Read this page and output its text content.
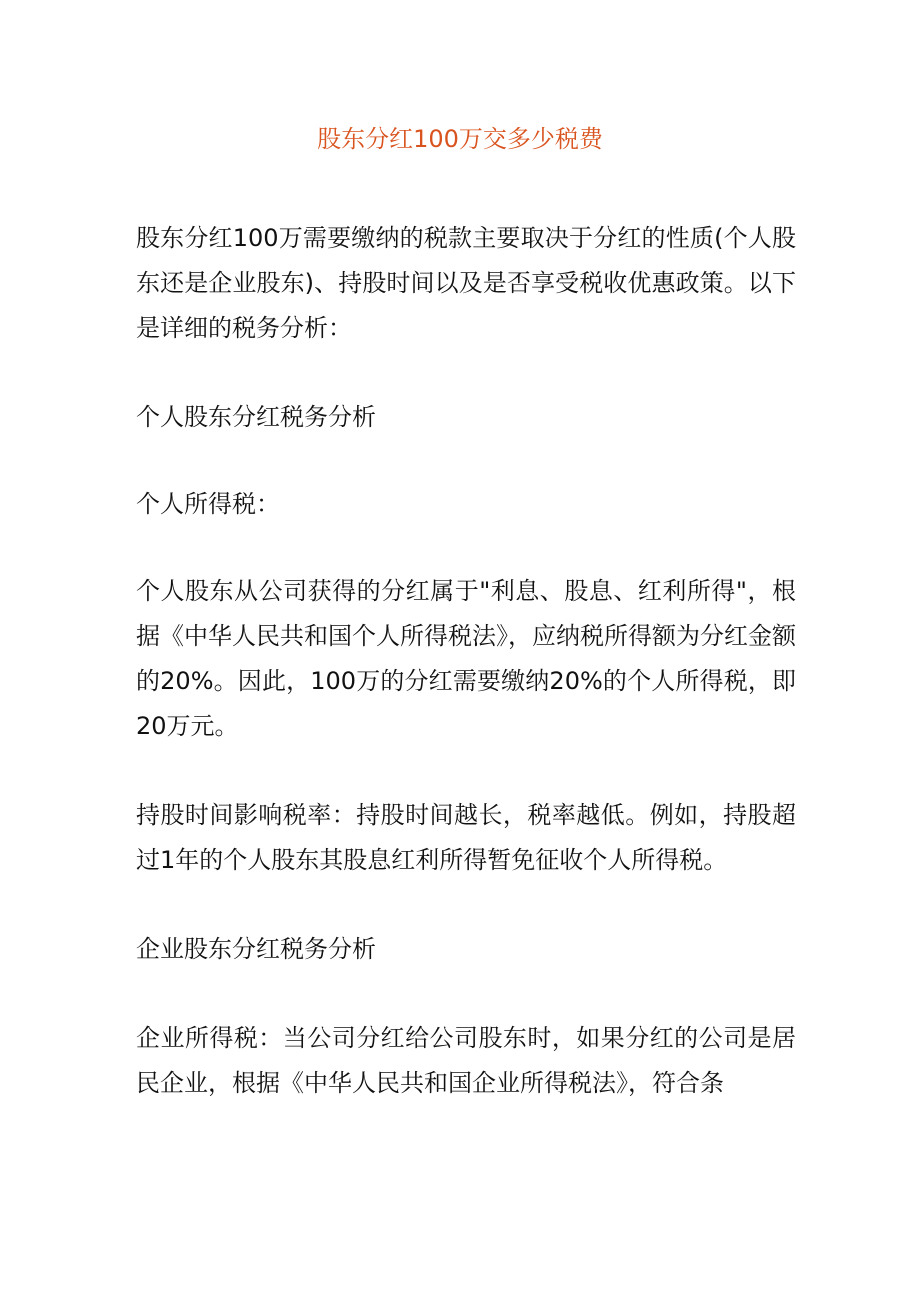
股东分红100万交多少税费

股东分红100万需要缴纳的税款主要取决于分红的性质(个人股东还是企业股东)、持股时间以及是否享受税收优惠政策。以下是详细的税务分析：

个人股东分红税务分析

个人所得税：

个人股东从公司获得的分红属于"利息、股息、红利所得"，根据《中华人民共和国个人所得税法》，应纳税所得额为分红金额的20%。因此，100万的分红需要缴纳20%的个人所得税，即20万元。

持股时间影响税率：持股时间越长，税率越低。例如，持股超过1年的个人股东其股息红利所得暂免征收个人所得税。

企业股东分红税务分析

企业所得税：当公司分红给公司股东时，如果分红的公司是居民企业，根据《中华人民共和国企业所得税法》，符合条
